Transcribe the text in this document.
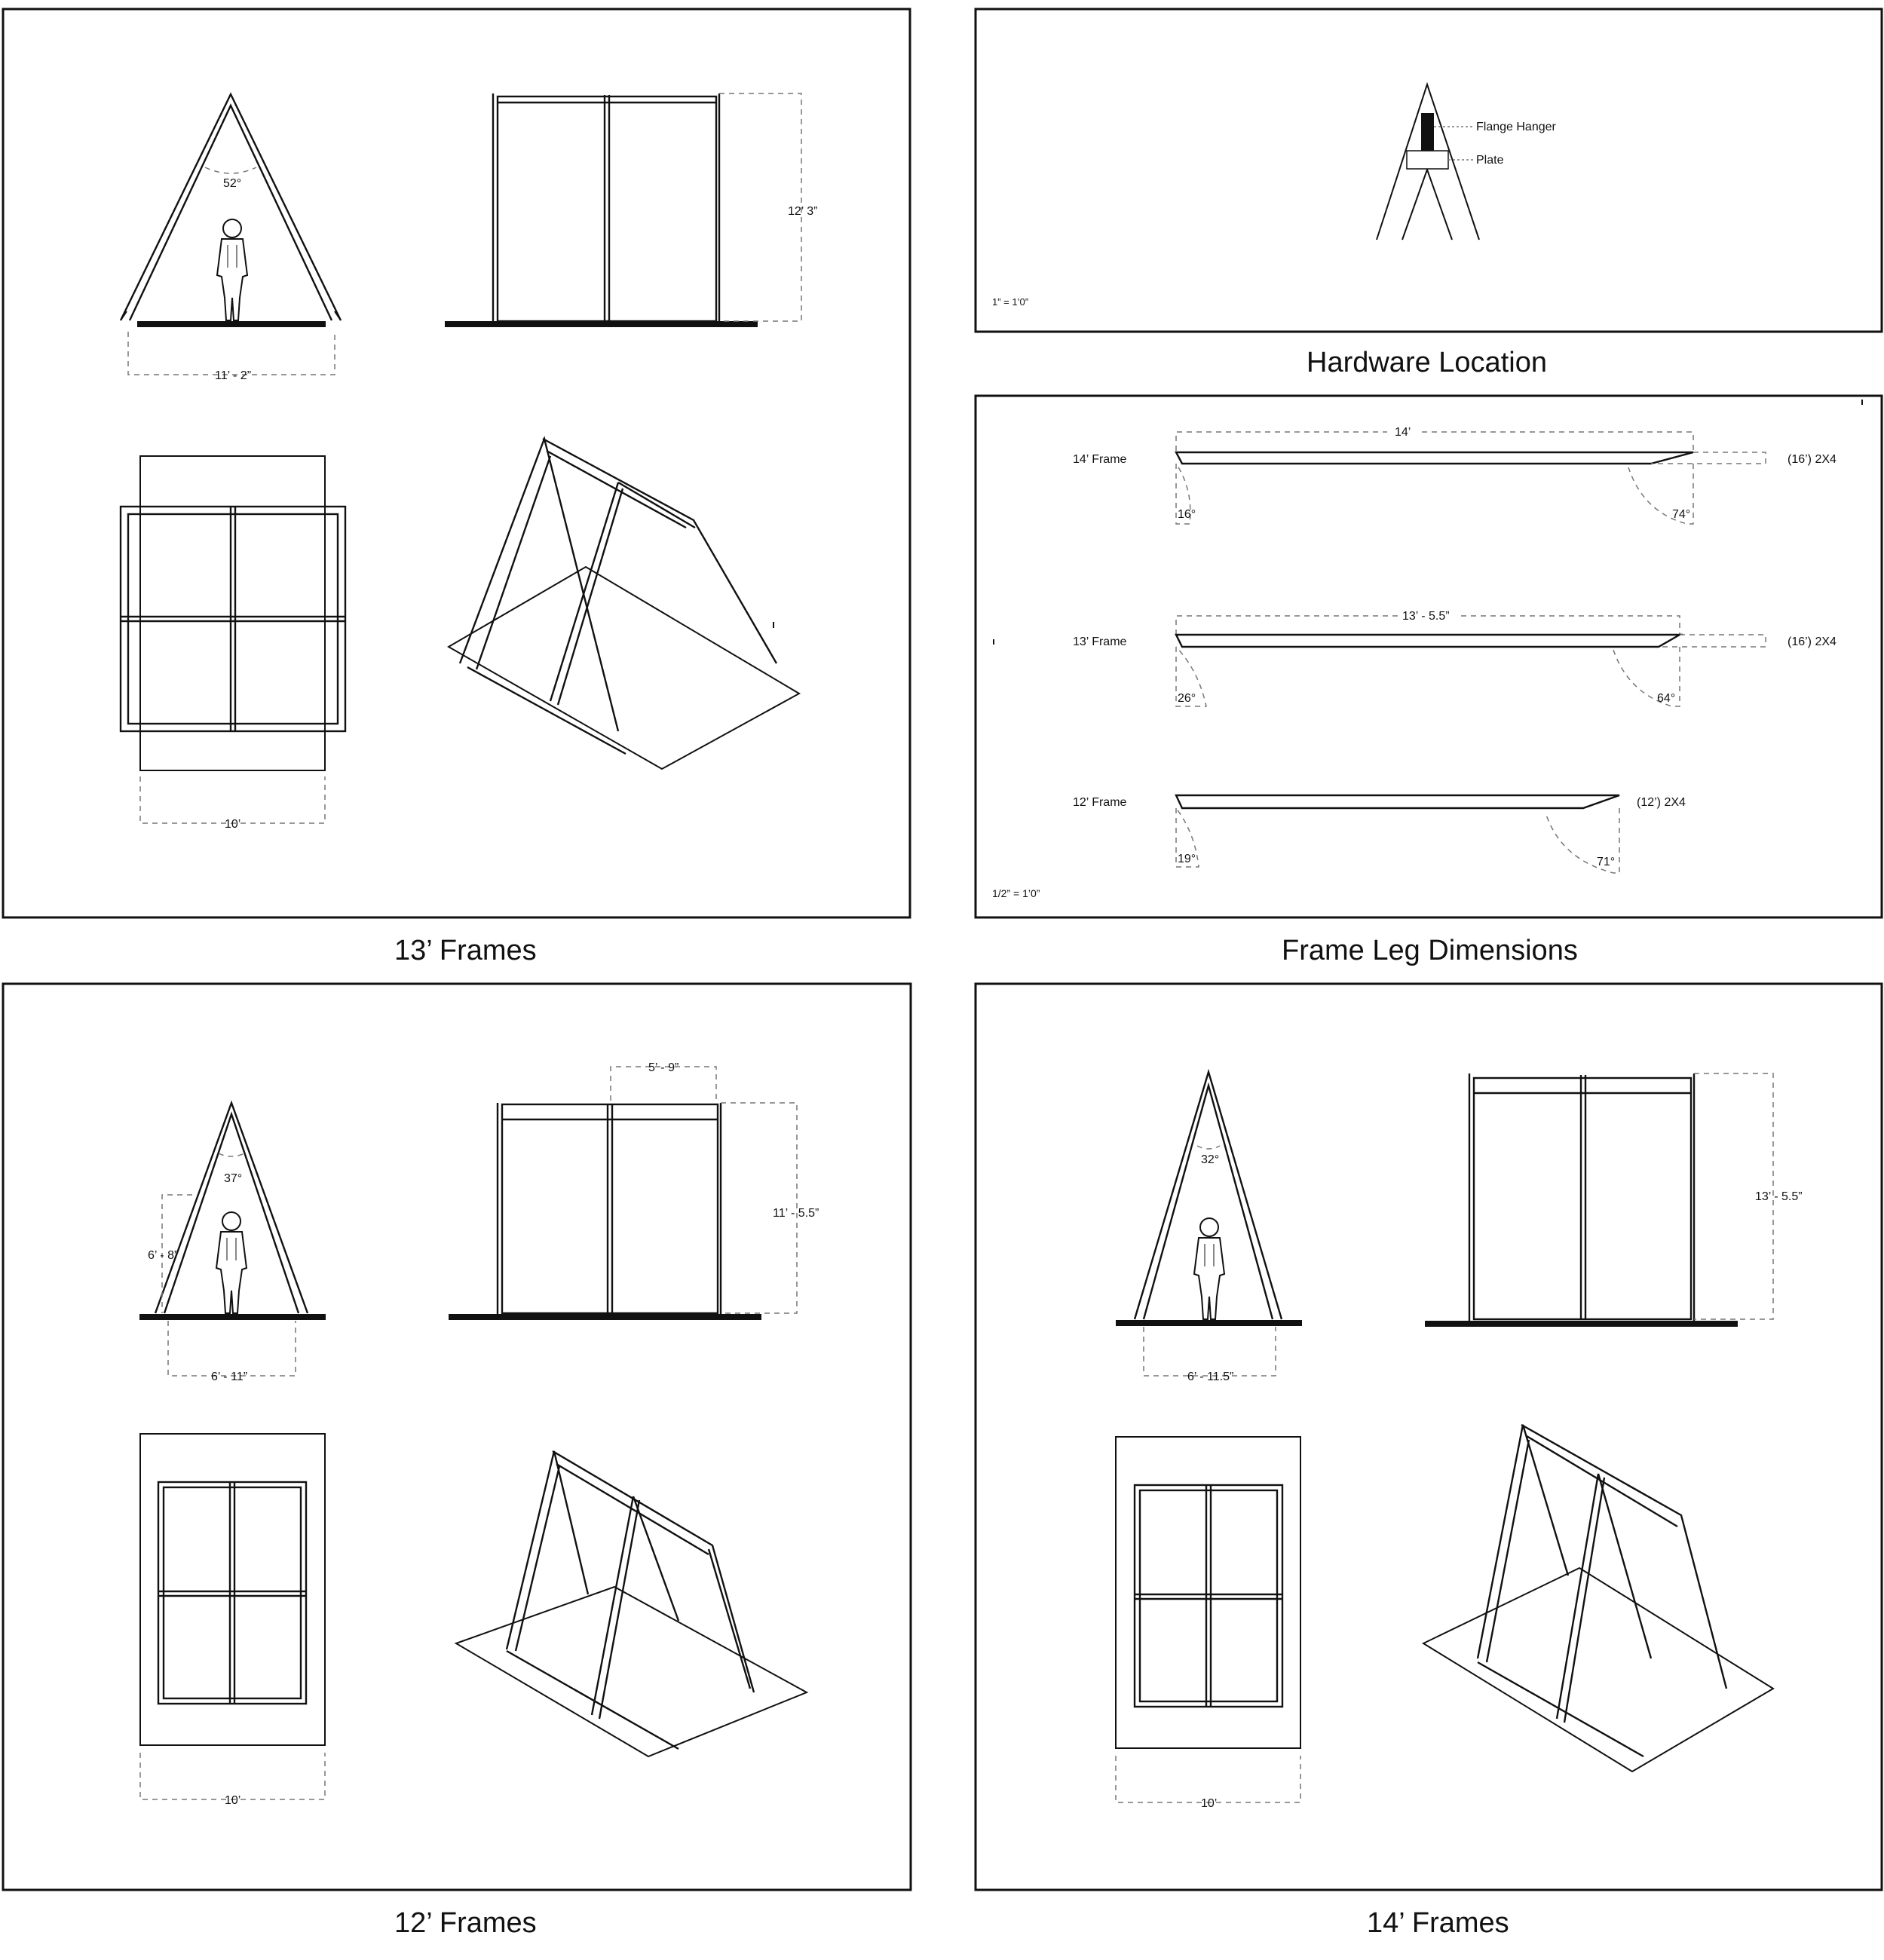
52°
11’ - 2”
12’ 3”
10’
13’ Frames
Flange Hanger
Plate
1” = 1’0”
Hardware Location
14’ Frame
14’
(16’) 2X4
16°	74°
13’ Frame
13’ - 5.5”
(16’) 2X4
26°	64°
12’ Frame	(12’) 2X4
19°	71°
1/2” = 1’0”
Frame Leg Dimensions
37°
6’ - 8”
6’ - 11”
5’ - 9”
11’ - 5.5”
10’
12’ Frames
32°
6’ - 11.5”
13’ - 5.5”
10’
14’ Frames
